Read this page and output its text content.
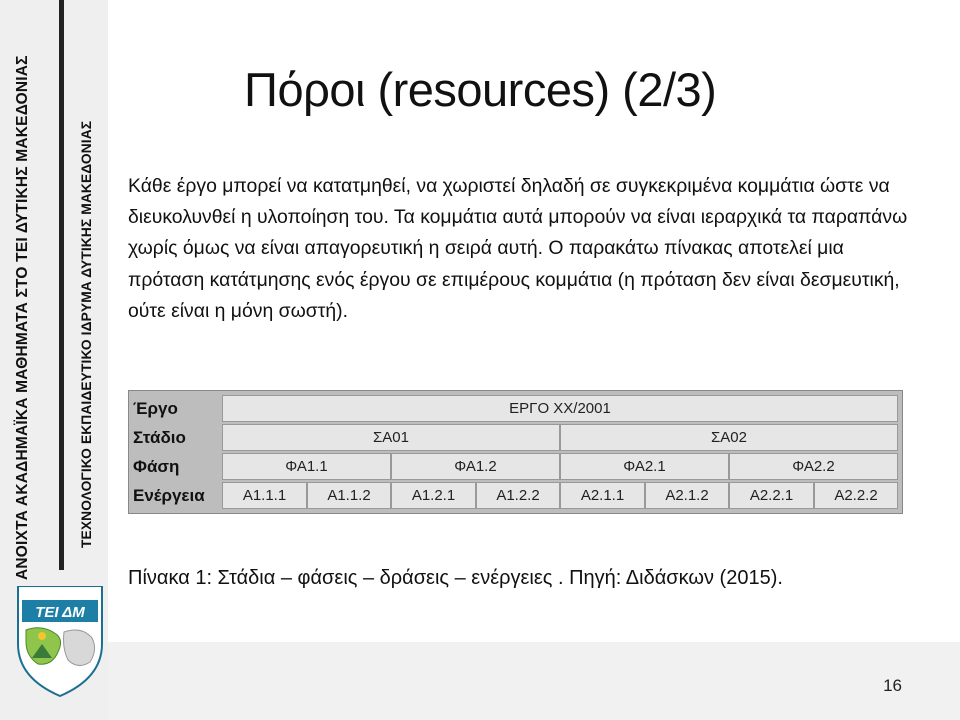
ΑΝΟΙΧΤΑ ΑΚΑΔΗΜΑΪΚΑ ΜΑΘΗΜΑΤΑ ΣΤΟ ΤΕΙ ΔΥΤΙΚΗΣ ΜΑΚΕΔΟΝΙΑΣ	ΤΕΧΝΟΛΟΓΙΚΟ ΕΚΠΑΙΔΕΥΤΙΚΟ ΙΔΡΥΜΑ ΔΥΤΙΚΗΣ ΜΑΚΕΔΟΝΙΑΣ
ΤΕΙ ΔΜ
16
Πόροι (resources) (2/3)
Κάθε έργο μπορεί να κατατμηθεί, να χωριστεί δηλαδή σε συγκεκριμένα κομμάτια ώστε να διευκολυνθεί η υλοποίηση του. Τα κομμάτια αυτά μπορούν να είναι ιεραρχικά τα παραπάνω χωρίς όμως να είναι απαγορευτική η σειρά αυτή. Ο παρακάτω πίνακας αποτελεί μια πρόταση κατάτμησης ενός έργου σε επιμέρους κομμάτια (η πρόταση δεν είναι δεσμευτική, ούτε είναι η μόνη σωστή).
Έργο	ΕΡΓΟ ΧΧ/2001
Στάδιο	ΣΑ01	ΣΑ02
Φάση	ΦΑ1.1	ΦΑ1.2	ΦΑ2.1	ΦΑ2.2
Ενέργεια	Α1.1.1	Α1.1.2	Α1.2.1	Α1.2.2	Α2.1.1	Α2.1.2	Α2.2.1	Α2.2.2
Πίνακα 1: Στάδια – φάσεις – δράσεις – ενέργειες . Πηγή: Διδάσκων (2015).
